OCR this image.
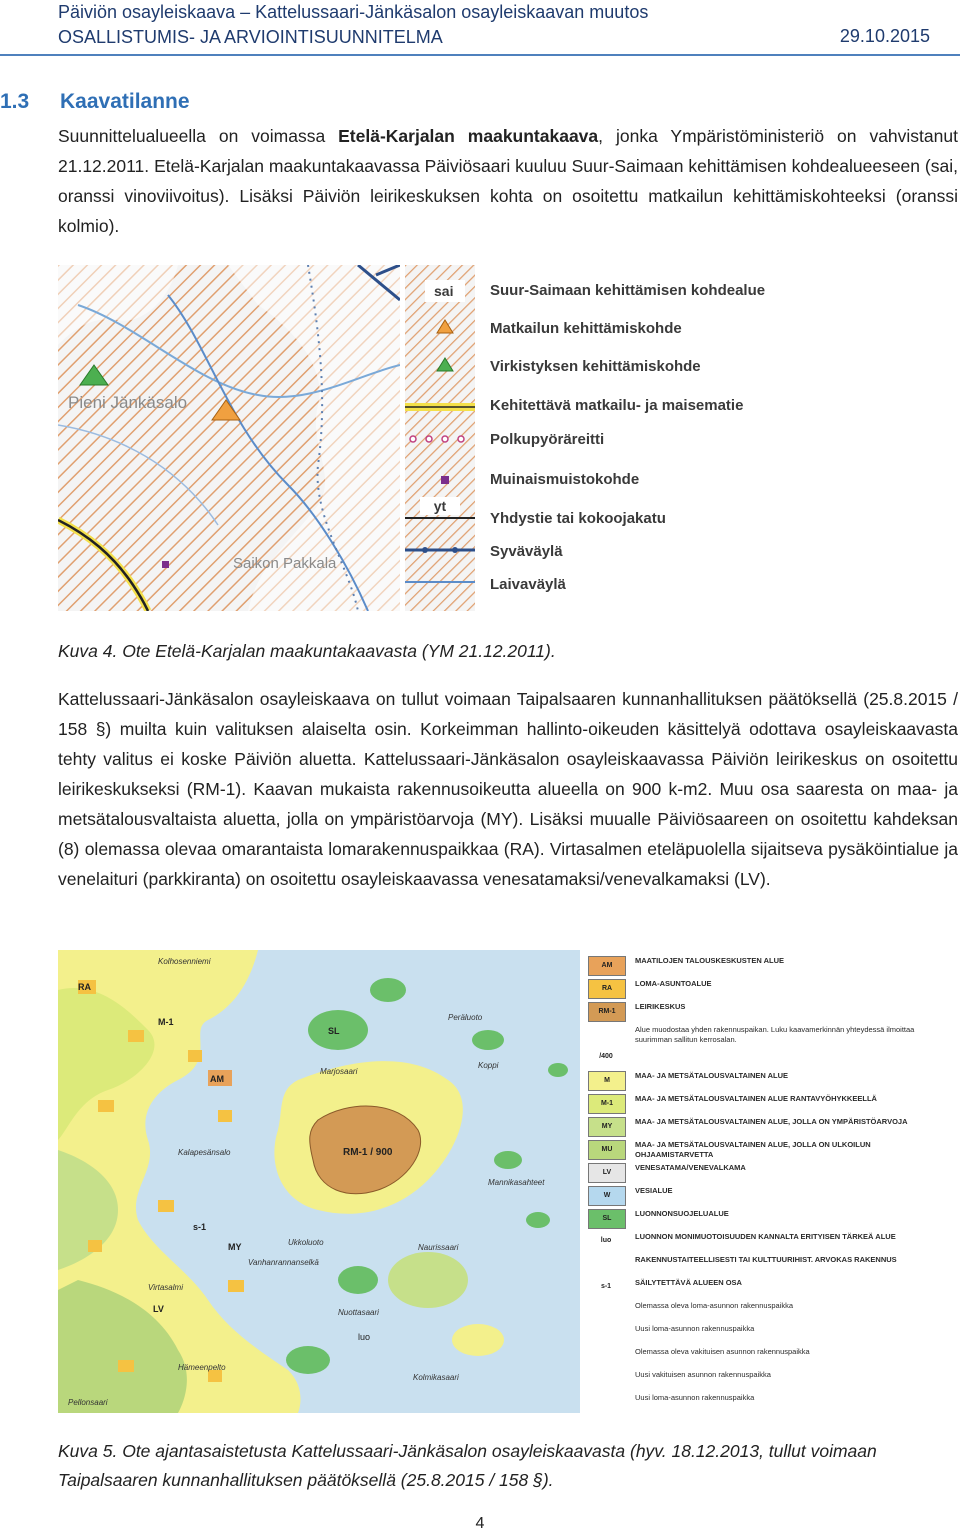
Päiviön osayleiskaava – Kattelussaari-Jänkäsalon osayleiskaavan muutos
OSALLISTUMIS- JA ARVIOINTISUUNNITELMA	29.10.2015
1.3 Kaavatilanne
Suunnittelualueella on voimassa Etelä-Karjalan maakuntakaava, jonka Ympäristöministeriö on vahvistanut 21.12.2011. Etelä-Karjalan maakuntakaavassa Päiviösaari kuuluu Suur-Saimaan kehittämisen kohdealueeseen (sai, oranssi vinoviivoitus). Lisäksi Päiviön leirikeskuksen kohta on osoitettu matkailun kehittämiskohteeksi (oranssi kolmio).
Pieni Jänkäsalo
Saikon Pakkala
sai
yt
Suur-Saimaan kehittämisen kohdealue
Matkailun kehittämiskohde
Virkistyksen kehittämiskohde
Kehitettävä matkailu- ja maisematie
Polkupyöräreitti
Muinaismuistokohde
Yhdystie tai kokoojakatu
Syväväylä
Laivaväylä
Kuva 4. Ote Etelä-Karjalan maakuntakaavasta (YM 21.12.2011).
Kattelussaari-Jänkäsalon osayleiskaava on tullut voimaan Taipalsaaren kunnanhallituksen päätöksellä (25.8.2015 / 158 §) muilta kuin valituksen alaiselta osin. Korkeimman hallinto-oikeuden käsittelyä odottava osayleiskaavasta tehty valitus ei koske Päiviön aluetta. Kattelussaari-Jänkäsalon osayleiskaavassa Päiviön leirikeskus on osoitettu leirikeskukseksi (RM-1). Kaavan mukaista rakennusoikeutta alueella on 900 k-m2. Muu osa saaresta on maa- ja metsätalousvaltaista aluetta, jolla on ympäristöarvoja (MY). Lisäksi muualle Päiviösaareen on osoitettu kahdeksan (8) olemassa olevaa omarantaista lomarakennuspaikkaa (RA). Virtasalmen eteläpuolella sijaitseva pysäköintialue ja venelaituri (parkkiranta) on osoitettu osayleiskaavassa venesatamaksi/venevalkamaksi (LV).
Kolhosenniemi
Peräluoto
Marjosaari
Koppi
Kalapesänsalo
Ukkoluoto
Vanhanrannanselkä
Virtasalmi
Nuottasaari
Naurissaari
Hämeenpelto
Mannikasahteet
Kolmikasaari
Pellonsaari
RM-1 / 900
M-1
MY
SL
RA
AM
LV
luo
s-1
AM
MAATILOJEN TALOUSKESKUSTEN ALUE
RA
LOMA-ASUNTOALUE
RM-1
LEIRIKESKUS
Alue muodostaa yhden rakennuspaikan. Luku kaavamerkinnän yhteydessä ilmoittaa suurimman sallitun kerrosalan.
/400
M
MAA- JA METSÄTALOUSVALTAINEN ALUE
M-1
MAA- JA METSÄTALOUSVALTAINEN ALUE RANTAVYÖHYKKEELLÄ
MY
MAA- JA METSÄTALOUSVALTAINEN ALUE, JOLLA ON YMPÄRISTÖARVOJA
MU
MAA- JA METSÄTALOUSVALTAINEN ALUE, JOLLA ON ULKOILUN OHJAAMISTARVETTA
LV
VENESATAMA/VENEVALKAMA
W
VESIALUE
SL
LUONNONSUOJELUALUE
luo	LUONNON MONIMUOTOISUUDEN KANNALTA ERITYISEN TÄRKEÄ ALUE
RAKENNUSTAITEELLISESTI TAI KULTTUURIHIST. ARVOKAS RAKENNUS
s-1	SÄILYTETTÄVÄ ALUEEN OSA
Olemassa oleva loma-asunnon rakennuspaikka
Uusi loma-asunnon rakennuspaikka
Olemassa oleva vakituisen asunnon rakennuspaikka
Uusi vakituisen asunnon rakennuspaikka
Uusi loma-asunnon rakennuspaikka
Kuva 5. Ote ajantasaistetusta Kattelussaari-Jänkäsalon osayleiskaavasta (hyv. 18.12.2013, tullut voimaan Taipalsaaren kunnanhallituksen päätöksellä (25.8.2015 / 158 §).
4
